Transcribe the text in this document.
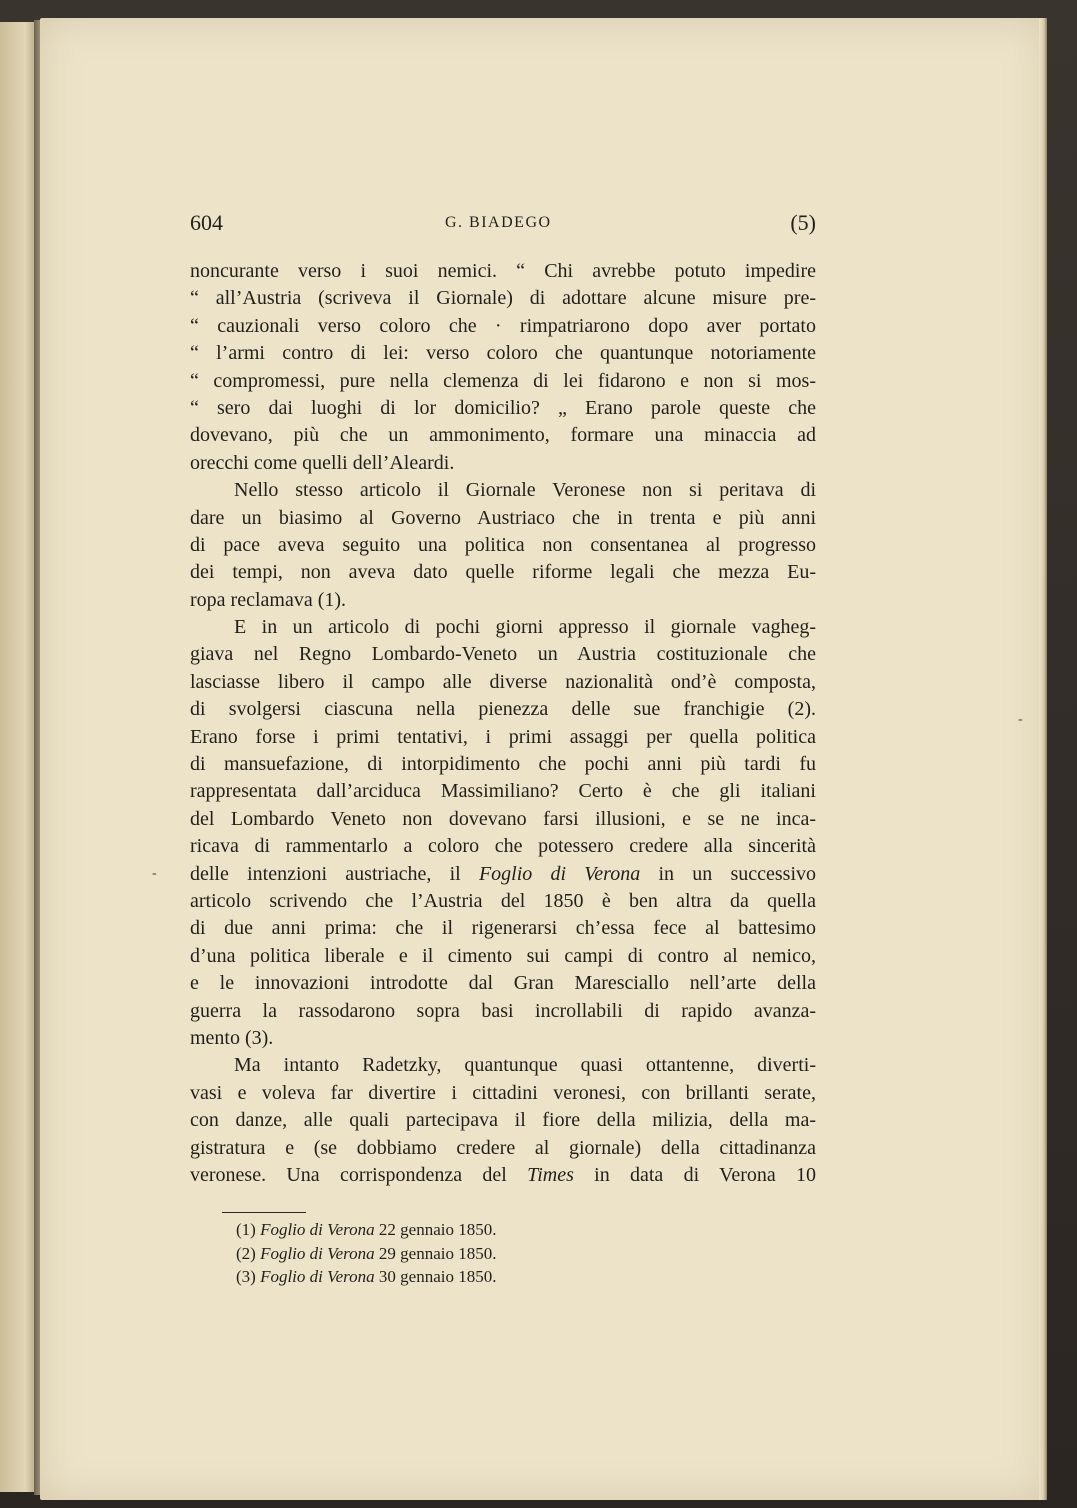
604	G. BIADEGO	(5)
noncurante verso i suoi nemici. “ Chi avrebbe potuto impedire
“ all’Austria (scriveva il Giornale) di adottare alcune misure pre-
“ cauzionali verso coloro che · rimpatriarono dopo aver portato
“ l’armi contro di lei: verso coloro che quantunque notoriamente
“ compromessi, pure nella clemenza di lei fidarono e non si mos-
“ sero dai luoghi di lor domicilio? „ Erano parole queste che
dovevano, più che un ammonimento, formare una minaccia ad
orecchi come quelli dell’Aleardi.
Nello stesso articolo il Giornale Veronese non si peritava di
dare un biasimo al Governo Austriaco che in trenta e più anni
di pace aveva seguito una politica non consentanea al progresso
dei tempi, non aveva dato quelle riforme legali che mezza Eu-
ropa reclamava (1).
E in un articolo di pochi giorni appresso il giornale vagheg-
giava nel Regno Lombardo-Veneto un Austria costituzionale che
lasciasse libero il campo alle diverse nazionalità ond’è composta,
di svolgersi ciascuna nella pienezza delle sue franchigie (2).
Erano forse i primi tentativi, i primi assaggi per quella politica
di mansuefazione, di intorpidimento che pochi anni più tardi fu
rappresentata dall’arciduca Massimiliano? Certo è che gli italiani
del Lombardo Veneto non dovevano farsi illusioni, e se ne inca-
ricava di rammentarlo a coloro che potessero credere alla sincerità
delle intenzioni austriache, il Foglio di Verona in un successivo
articolo scrivendo che l’Austria del 1850 è ben altra da quella
di due anni prima: che il rigenerarsi ch’essa fece al battesimo
d’una politica liberale e il cimento sui campi di contro al nemico,
e le innovazioni introdotte dal Gran Maresciallo nell’arte della
guerra la rassodarono sopra basi incrollabili di rapido avanza-
mento (3).
Ma intanto Radetzky, quantunque quasi ottantenne, diverti-
vasi e voleva far divertire i cittadini veronesi, con brillanti serate,
con danze, alle quali partecipava il fiore della milizia, della ma-
gistratura e (se dobbiamo credere al giornale) della cittadinanza
veronese. Una corrispondenza del Times in data di Verona 10
(1) Foglio di Verona 22 gennaio 1850.
(2) Foglio di Verona 29 gennaio 1850.
(3) Foglio di Verona 30 gennaio 1850.
-
-
